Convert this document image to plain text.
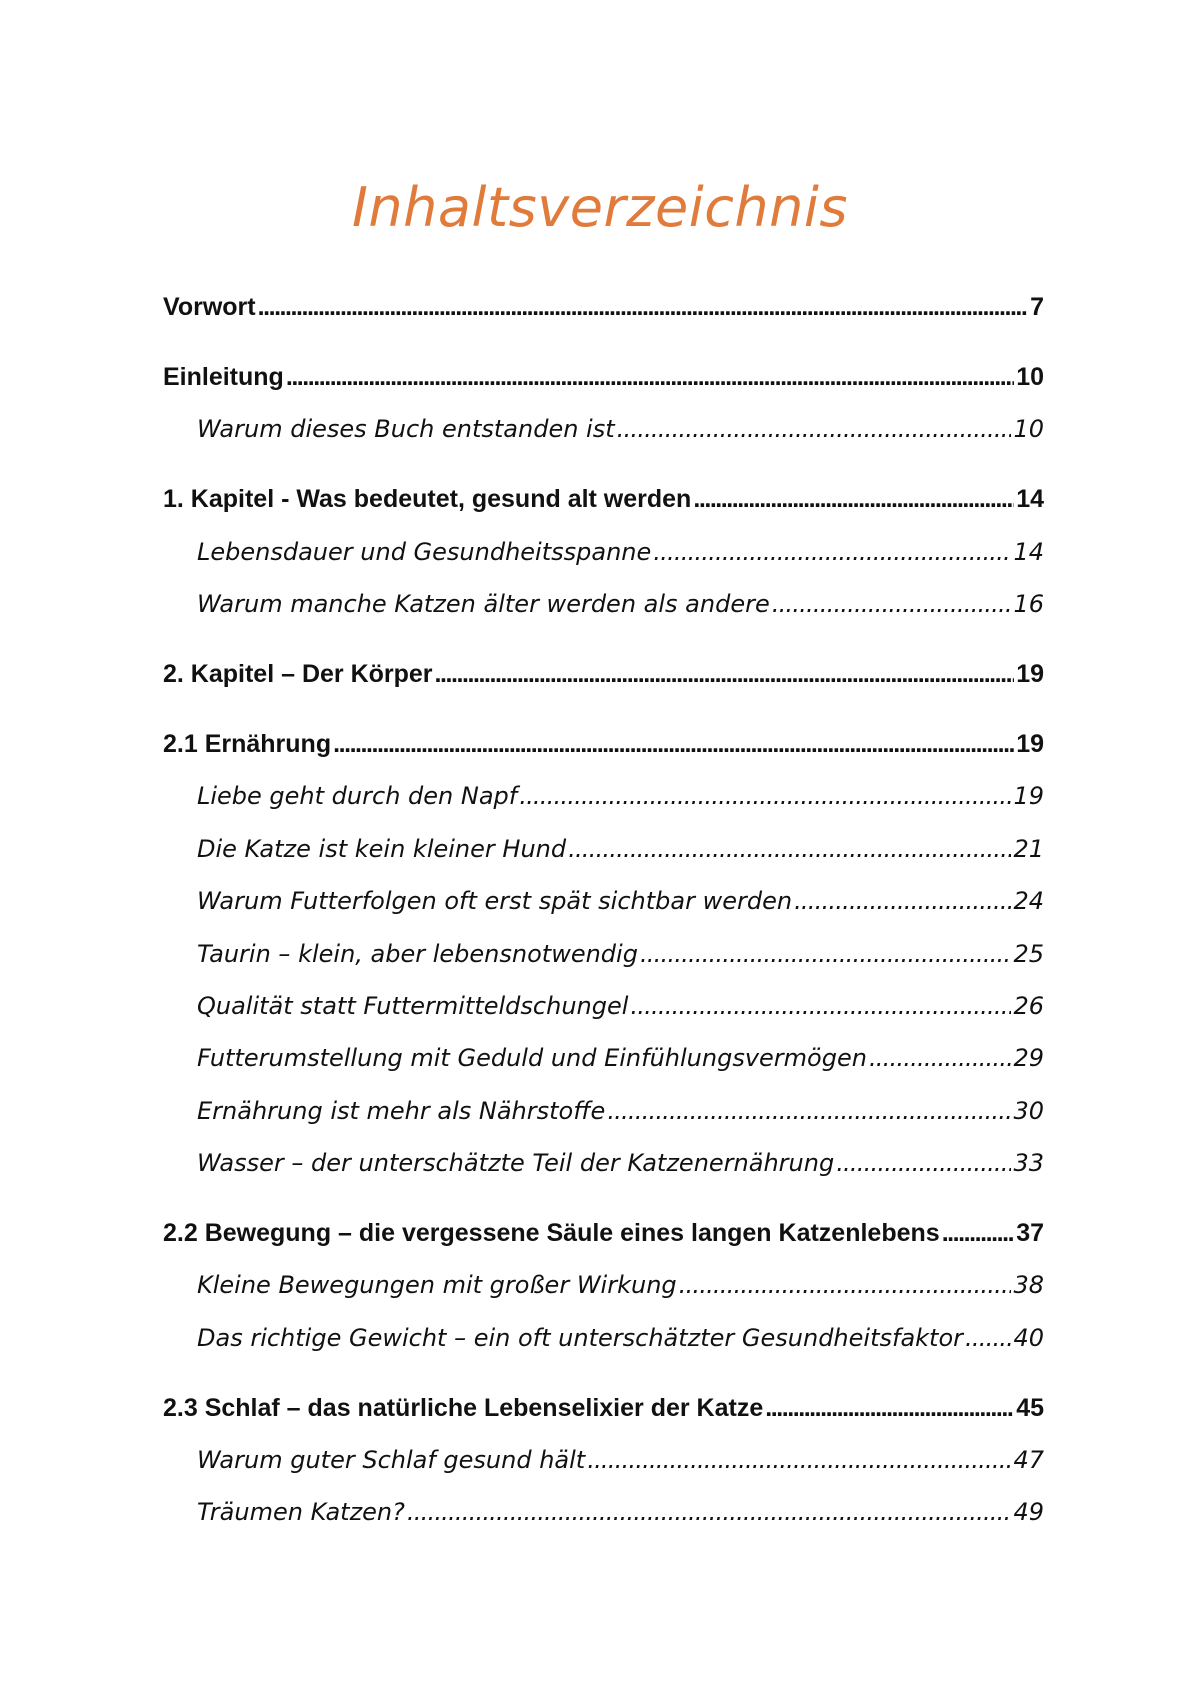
Inhaltsverzeichnis
Vorwort . . .	7
Einleitung . . .	10
Warum dieses Buch entstanden ist . . .	10
1. Kapitel - Was bedeutet, gesund alt werden . . .	14
Lebensdauer und Gesundheitsspanne . . .	14
Warum manche Katzen älter werden als andere . . .	16
2. Kapitel – Der Körper . . .	19
2.1 Ernährung . . .	19
Liebe geht durch den Napf . . .	19
Die Katze ist kein kleiner Hund . . .	21
Warum Futterfolgen oft erst spät sichtbar werden . . .	24
Taurin – klein, aber lebensnotwendig . . .	25
Qualität statt Futtermitteldschungel . . .	26
Futterumstellung mit Geduld und Einfühlungsvermögen . . .	29
Ernährung ist mehr als Nährstoffe . . .	30
Wasser – der unterschätzte Teil der Katzenernährung . . .	33
2.2 Bewegung – die vergessene Säule eines langen Katzenlebens . . .	37
Kleine Bewegungen mit großer Wirkung . . .	38
Das richtige Gewicht – ein oft unterschätzter Gesundheitsfaktor . . . 40
2.3 Schlaf – das natürliche Lebenselixier der Katze . . .	45
Warum guter Schlaf gesund hält . . .	47
Träumen Katzen? . . .	49
